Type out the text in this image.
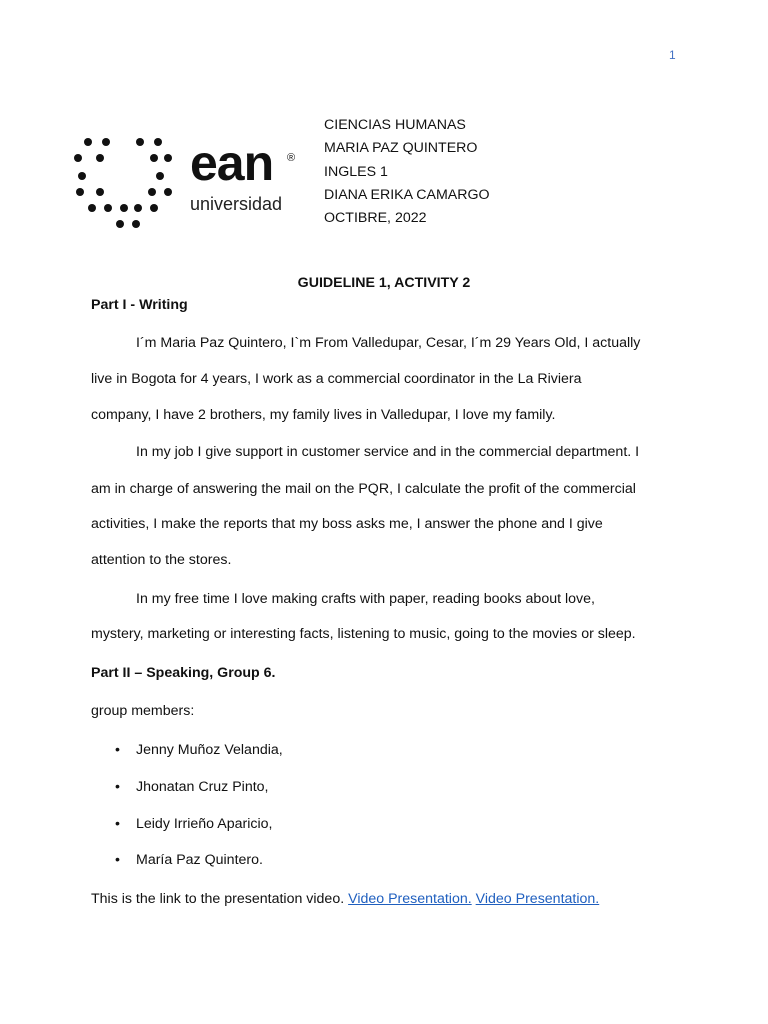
1
ean ®
universidad
CIENCIAS HUMANAS
MARIA PAZ QUINTERO
INGLES 1
DIANA ERIKA CAMARGO
OCTIBRE, 2022
GUIDELINE 1, ACTIVITY 2
Part I - Writing
I´m Maria Paz Quintero, I`m From Valledupar, Cesar, I´m 29 Years Old, I actually
live in Bogota for 4 years, I work as a commercial coordinator in the La Riviera
company, I have 2 brothers, my family lives in Valledupar, I love my family.
In my job I give support in customer service and in the commercial department. I
am in charge of answering the mail on the PQR, I calculate the profit of the commercial
activities, I make the reports that my boss asks me, I answer the phone and I give
attention to the stores.
In my free time I love making crafts with paper, reading books about love,
mystery, marketing or interesting facts, listening to music, going to the movies or sleep.
Part II – Speaking, Group 6.
group members:
• Jenny Muñoz Velandia,
• Jhonatan Cruz Pinto,
• Leidy Irrieño Aparicio,
• María Paz Quintero.
This is the link to the presentation video. Video Presentation. Video Presentation.
